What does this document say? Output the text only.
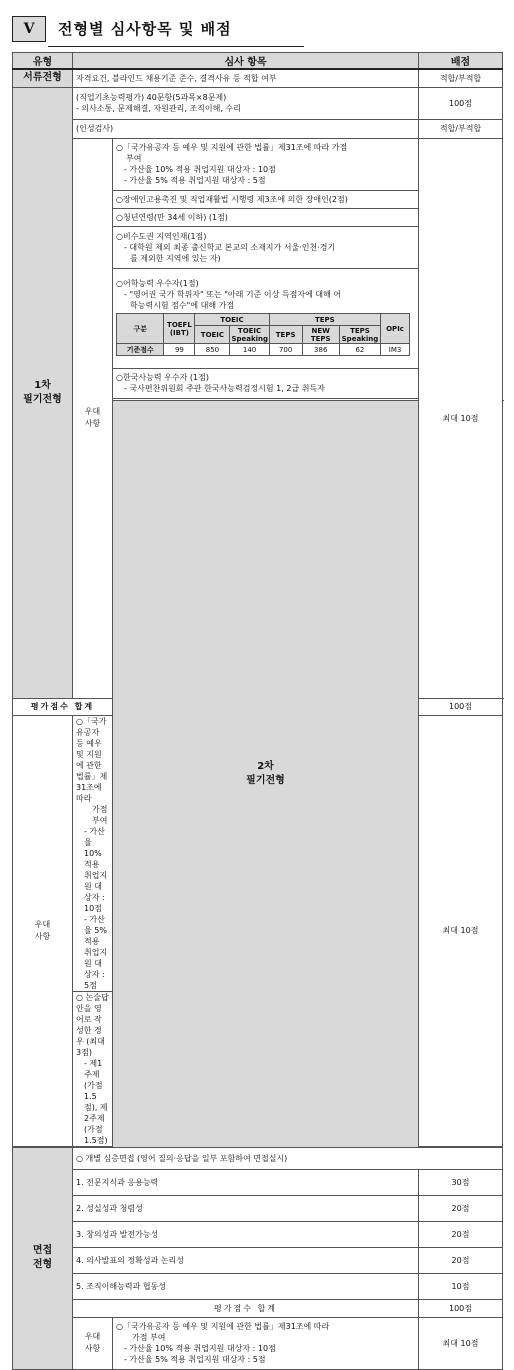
Ⅴ	전형별 심사항목 및 배점
유형	심사 항목	배점
서류전형	자격요건, 블라인드 채용기준 준수, 결격사유 등 적합 여부	적합/부적합

1차
필기전형

(직업기초능력평가) 40문항(5과목×8문제)
- 의사소통, 문제해결, 자원관리, 조직이해, 수리
	100점
(인성검사)	적합/부적합

우대
사항

○「국가유공자 등 예우 및 지원에 관한 법률」제31조에 따라 가점
부여
- 가산율 10% 적용 취업지원 대상자 : 10점
- 가산율 5% 적용 취업지원 대상자 : 5점
	최대 10점
○장애인고용촉진 및 직업재활법 시행령 제3조에 의한 장애인(2점)
○청년연령(만 34세 이하) (1점)

○비수도권 지역인재(1점)
- 대학원 제외 최종 출신학교 본교의 소재지가 서울·인천·경기
를 제외한 지역에 있는 자)

○어학능력 우수자(1점)
- "영어권 국가 학위자" 또는 "아래 기준 이상 득점자에 대해 어
학능력시험 점수"에 대해 가점
구분	TOEFL (IBT)	TOEIC	TEPS	OPIc
TOEIC	TOEIC Speaking	TEPS	NEW TEPS	TEPS Speaking
기준점수	99	850	140	700	386	62	IM3

○한국사능력 우수자 (1점)
- 국사편찬위원회 주관 한국사능력검정시험 1, 2급 취득자

2차
필기전형

평가점수 합계	100점

우대
사항

○「국가유공자 등 예우 및 지원에 관한 법률」제31조에 따라
가점 부여
- 가산율 10% 적용 취업지원 대상자 : 10점
- 가산율 5% 적용 취업지원 대상자 : 5점
	최대 10점

○ 논술답안을 영어로 작성한 경우 (최대 3점)
- 제1주제(가점 1.5점), 제2주제(가점 1.5점)

면접
전형
	○ 개별 심층면접 (영어 질의·응답을 일부 포함하여 면접실시)
1. 전문지식과 응용능력	30점
2. 성실성과 청렴성	20점
3. 창의성과 발전가능성	20점
4. 의사발표의 정확성과 논리성	20점
5. 조직이해능력과 협동성	10점
평가점수 합계	100점

우대
사항

○「국가유공자 등 예우 및 지원에 관한 법률」제31조에 따라
가점 부여
- 가산율 10% 적용 취업지원 대상자 : 10점
- 가산율 5% 적용 취업지원 대상자 : 5점
	최대 10점
